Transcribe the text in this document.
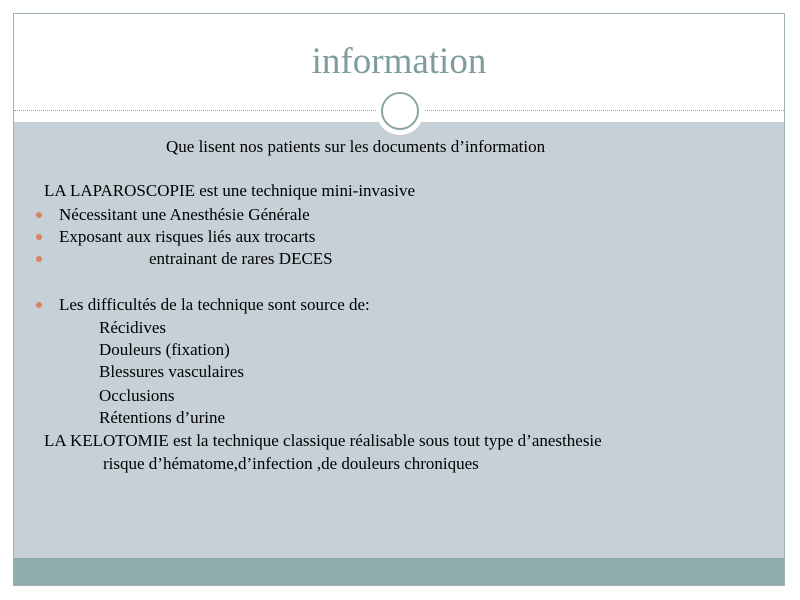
information
Que lisent nos patients sur les documents d’information
LA LAPAROSCOPIE est une technique mini-invasive
Nécessitant une Anesthésie Générale
Exposant aux risques liés aux trocarts
entrainant de rares DECES
Les difficultés de la technique sont source de:
Récidives
Douleurs (fixation)
Blessures vasculaires
Occlusions
Rétentions d’urine
LA KELOTOMIE est la technique classique réalisable sous tout type d’anesthesie
risque d’hématome,d’infection ,de douleurs chroniques
